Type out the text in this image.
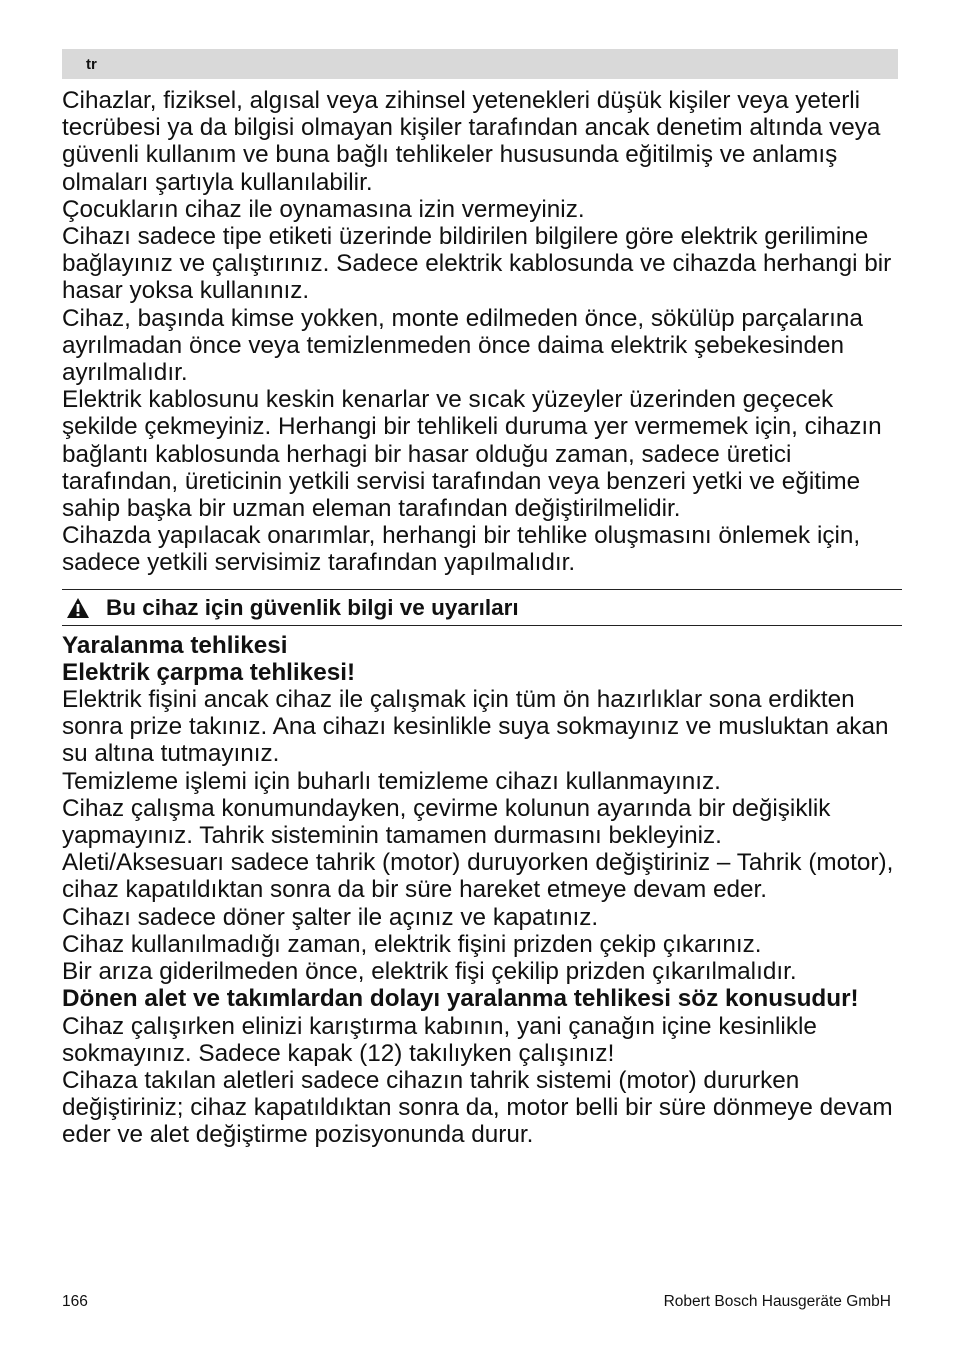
tr

Cihazlar, fiziksel, algısal veya zihinsel yetenekleri düşük kişiler veya yeterli tecrübesi ya da bilgisi olmayan kişiler tarafından ancak denetim altında veya güvenli kullanım ve buna bağlı tehlikeler hususunda eğitilmiş ve anlamış olmaları şartıyla kullanılabilir.

Çocukların cihaz ile oynamasına izin vermeyiniz.

Cihazı sadece tipe etiketi üzerinde bildirilen bilgilere göre elektrik gerilimine bağlayınız ve çalıştırınız. Sadece elektrik kablosunda ve cihazda herhangi bir hasar yoksa kullanınız.

Cihaz, başında kimse yokken, monte edilmeden önce, sökülüp parçalarına ayrılmadan önce veya temizlenmeden önce daima elektrik şebekesinden ayrılmalıdır.

Elektrik kablosunu keskin kenarlar ve sıcak yüzeyler üzerinden geçecek şekilde çekmeyiniz. Herhangi bir tehlikeli duruma yer vermemek için, cihazın bağlantı kablosunda herhagi bir hasar olduğu zaman, sadece üretici tarafından, üreticinin yetkili servisi tarafından veya benzeri yetki ve eğitime sahip başka bir uzman eleman tarafından değiştirilmelidir.

Cihazda yapılacak onarımlar, herhangi bir tehlike oluşmasını önlemek için, sadece yetkili servisimiz tarafından yapılmalıdır.

Bu cihaz için güvenlik bilgi ve uyarıları

Yaralanma tehlikesi

Elektrik çarpma tehlikesi!

Elektrik fişini ancak cihaz ile çalışmak için tüm ön hazırlıklar sona erdikten sonra prize takınız. Ana cihazı kesinlikle suya sokmayınız ve musluktan akan su altına tutmayınız.

Temizleme işlemi için buharlı temizleme cihazı kullanmayınız.

Cihaz çalışma konumundayken, çevirme kolunun ayarında bir değişiklik yapmayınız. Tahrik sisteminin tamamen durmasını bekleyiniz.

Aleti/Aksesuarı sadece tahrik (motor) duruyorken değiştiriniz – Tahrik (motor), cihaz kapatıldıktan sonra da bir süre hareket etmeye devam eder.

Cihazı sadece döner şalter ile açınız ve kapatınız.

Cihaz kullanılmadığı zaman, elektrik fişini prizden çekip çıkarınız.

Bir arıza giderilmeden önce, elektrik fişi çekilip prizden çıkarılmalıdır.

Dönen alet ve takımlardan dolayı yaralanma tehlikesi söz konusudur!

Cihaz çalışırken elinizi karıştırma kabının, yani çanağın içine kesinlikle sokmayınız. Sadece kapak (12) takılıyken çalışınız!

Cihaza takılan aletleri sadece cihazın tahrik sistemi (motor) dururken değiştiriniz; cihaz kapatıldıktan sonra da, motor belli bir süre dönmeye devam eder ve alet değiştirme pozisyonunda durur.

166	Robert Bosch Hausgeräte GmbH
